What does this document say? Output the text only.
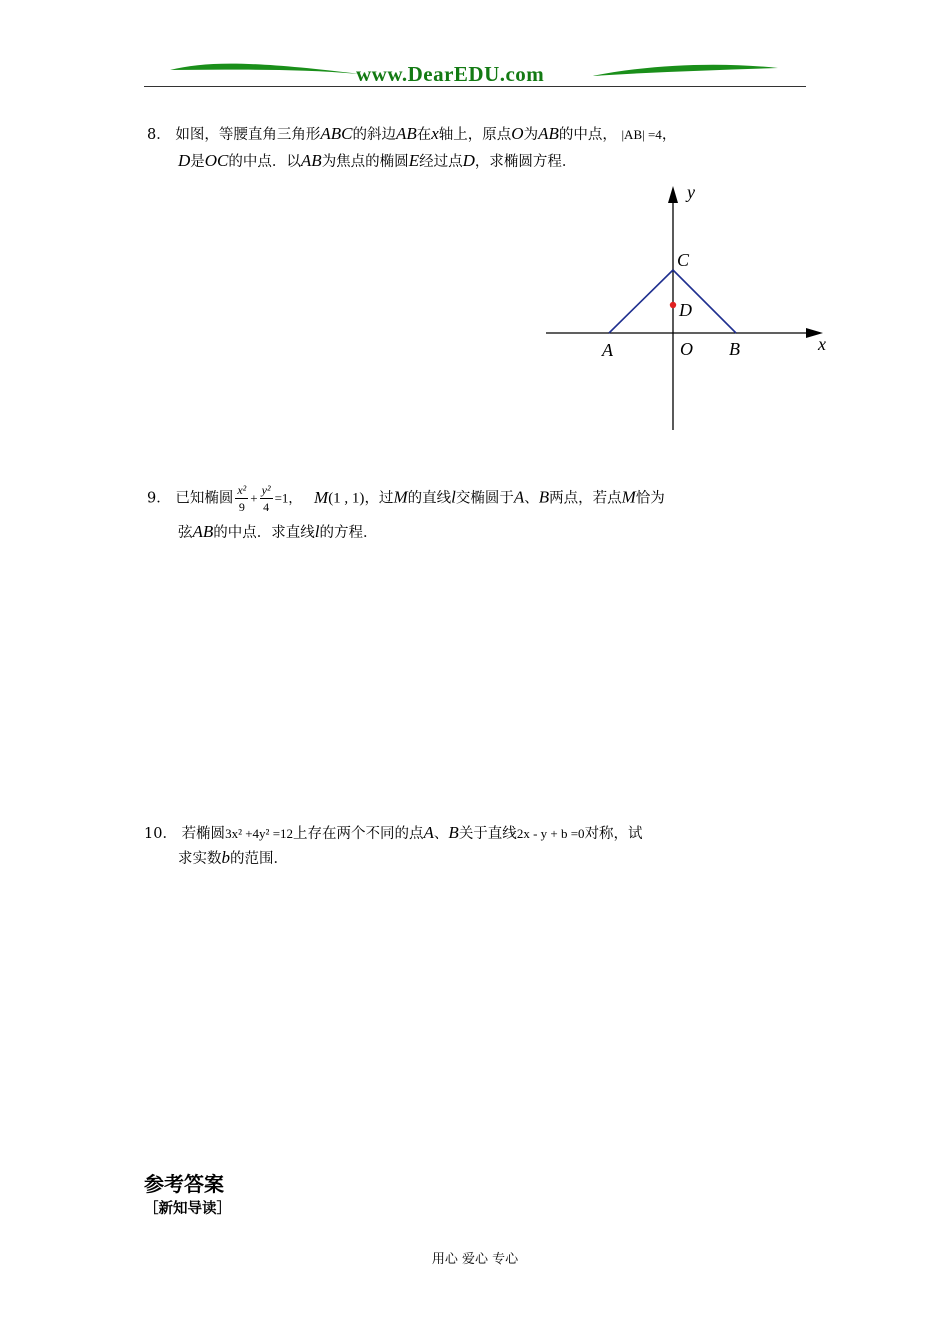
www.DearEDU.com
8． 如图，等腰直角三角形ABC的斜边AB在x轴上，原点O为AB的中点， |AB| =4，
D是OC的中点．以AB为焦点的椭圆E经过点D，求椭圆方程．
y
x
C
D
A	O B
9． 已知椭圆 $\frac{\text{x²}}{9} + \frac{\text{y²}}{4} =1$， M(1 , 1)，过M的直线l交椭圆于A、B两点，若点M恰为
弦AB的中点．求直线l的方程．
10． 若椭圆3x² +4y² =12上存在两个不同的点A、B关于直线2x - y + b =0对称，试
求实数b的范围．
参考答案
［新知导读］
用心 爱心 专心
